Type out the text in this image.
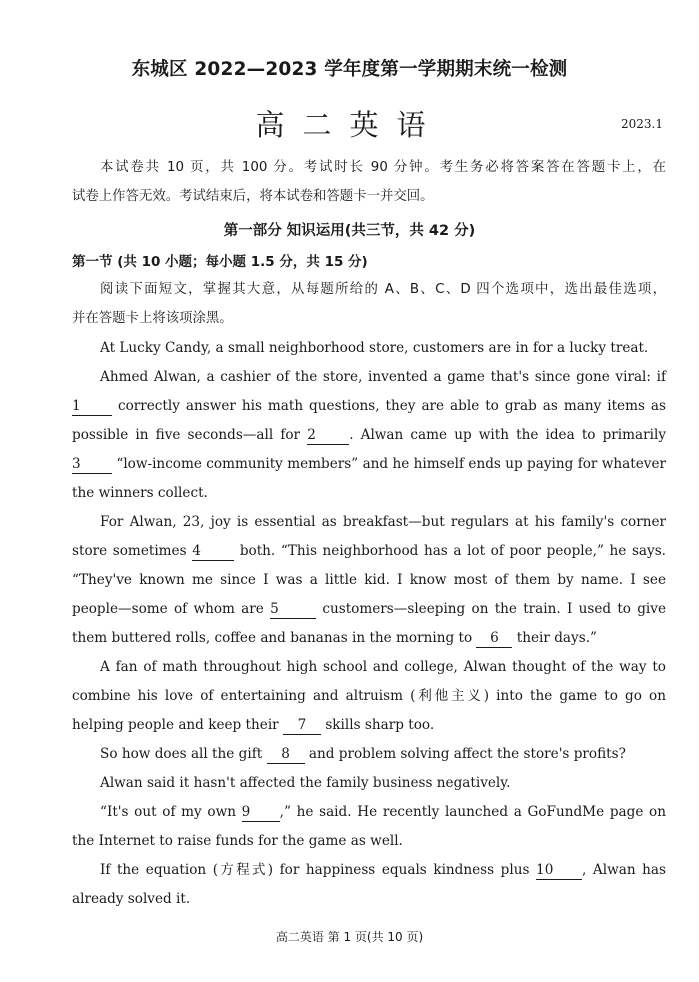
东城区 2022—2023 学年度第一学期期末统一检测
高二英语	2023.1
本试卷共 10 页，共 100 分。考试时长 90 分钟。考生务必将答案答在答题卡上，在
试卷上作答无效。考试结束后，将本试卷和答题卡一并交回。
第一部分 知识运用(共三节，共 42 分)
第一节 (共 10 小题；每小题 1.5 分，共 15 分)
阅读下面短文，掌握其大意，从每题所给的 A、B、C、D 四个选项中，选出最佳选项，
并在答题卡上将该项涂黑。
At Lucky Candy, a small neighborhood store, customers are in for a lucky treat.
Ahmed Alwan, a cashier of the store, invented a game that's since gone viral: if
1	correctly answer his math questions, they are able to grab as many items as
possible in five seconds—all for 2 . Alwan came up with the idea to primarily
3	“low-income community members” and he himself ends up paying for whatever
the winners collect.
For Alwan, 23, joy is essential as breakfast—but regulars at his family's corner
store sometimes 4	both. “This neighborhood has a lot of poor people,” he says.
“They've known me since I was a little kid. I know most of them by name. I see
people—some of whom are 5	customers—sleeping on the train. I used to give
them buttered rolls, coffee and bananas in the morning to 6 their days.”
A fan of math throughout high school and college, Alwan thought of the way to
combine his love of entertaining and altruism (利他主义) into the game to go on
helping people and keep their 7 skills sharp too.
So how does all the gift 8 and problem solving affect the store's profits?
Alwan said it hasn't affected the family business negatively.
“It's out of my own 9 ,” he said. He recently launched a GoFundMe page on
the Internet to raise funds for the game as well.
If the equation (方程式) for happiness equals kindness plus 10 , Alwan has
already solved it.
高二英语 第 1 页(共 10 页)
